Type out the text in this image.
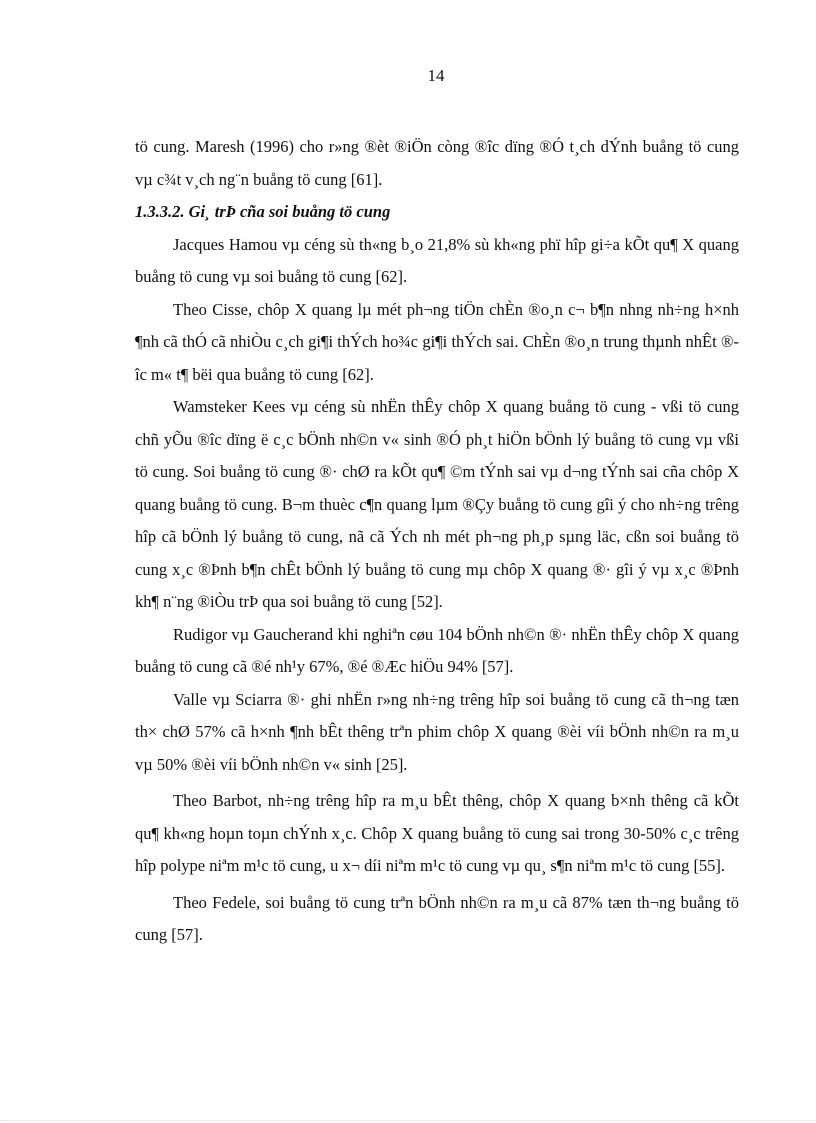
14

tö cung. Maresh (1996) cho r»ng ®èt ®iÖn còng ®îc dïng ®Ó t¸ch dÝnh buång tö cung vµ c¾t v¸ch ng¨n buång tö cung [61].

1.3.3.2. Gi¸ trÞ cña soi buång tö cung

Jacques Hamou vµ céng sù th«ng b¸o 21,8% sù kh«ng phï hîp gi÷a kÕt qu¶ X quang buång tö cung vµ soi buång tö cung [62].

Theo Cisse, chôp X quang lµ mét ph¬ng tiÖn chÈn ®o¸n c¬ b¶n nhng nh÷ng h×nh ¶nh cã thÓ cã nhiÒu c¸ch gi¶i thÝch ho¾c gi¶i thÝch sai. ChÈn ®o¸n trung thµnh nhÊt ®îc m« t¶ bëi qua buång tö cung [62].

Wamsteker Kees vµ céng sù nhËn thÊy chôp X quang buång tö cung - vßi tö cung chñ yÕu ®îc dïng ë c¸c bÖnh nh©n v« sinh ®Ó ph¸t hiÖn bÖnh lý buång tö cung vµ vßi tö cung. Soi buång tö cung ®· chØ ra kÕt qu¶ ©m tÝnh sai vµ d¬ng tÝnh sai cña chôp X quang buång tö cung. B¬m thuèc c¶n quang lµm ®Çy buång tö cung gîi ý cho nh÷ng trêng hîp cã bÖnh lý buång tö cung, nã cã Ých nh mét ph¬ng ph¸p sµng läc, cßn soi buång tö cung x¸c ®Þnh b¶n chÊt bÖnh lý buång tö cung mµ chôp X quang ®· gîi ý vµ x¸c ®Þnh kh¶ n¨ng ®iÒu trÞ qua soi buång tö cung [52].

Rudigor vµ Gaucherand khi nghiªn cøu 104 bÖnh nh©n ®· nhËn thÊy chôp X quang buång tö cung cã ®é nh¹y 67%, ®é ®Æc hiÖu 94% [57].

Valle vµ Sciarra ®· ghi nhËn r»ng nh÷ng trêng hîp soi buång tö cung cã th¬ng tæn th× chØ 57% cã h×nh ¶nh bÊt thêng trªn phim chôp X quang ®èi víi bÖnh nh©n ra m¸u vµ 50% ®èi víi bÖnh nh©n v« sinh [25].

Theo Barbot, nh÷ng trêng hîp ra m¸u bÊt thêng, chôp X quang b×nh thêng cã kÕt qu¶ kh«ng hoµn toµn chÝnh x¸c. Chôp X quang buång tö cung sai trong 30-50% c¸c trêng hîp polype niªm m¹c tö cung, u x¬ díi niªm m¹c tö cung vµ qu¸ s¶n niªm m¹c tö cung [55].

Theo Fedele, soi buång tö cung trªn bÖnh nh©n ra m¸u cã 87% tæn th¬ng buång tö cung [57].
